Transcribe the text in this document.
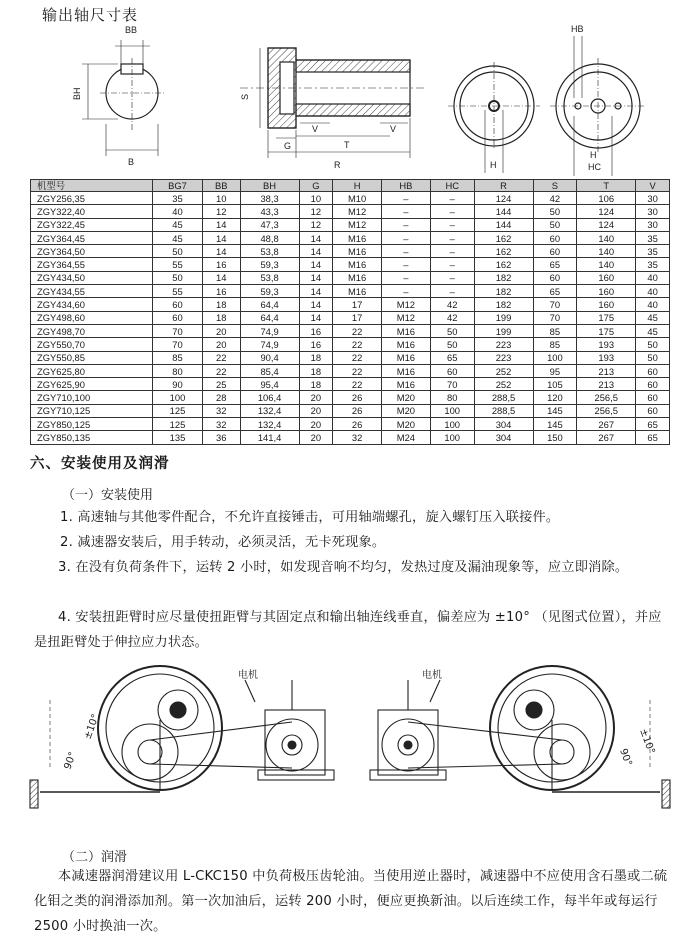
输出轴尺寸表
BB
BH
B
S
G
V	V
T
R
HB
H
H
HC
机型号	BG7	BB	BH	G	H	HB	HC	R	S	T	V
ZGY256,35	35	10	38,3	10	M10	–	–	124	42	106	30
ZGY322,40	40	12	43,3	12	M12	–	–	144	50	124	30
ZGY322,45	45	14	47,3	12	M12	–	–	144	50	124	30
ZGY364,45	45	14	48,8	14	M16	–	–	162	60	140	35
ZGY364,50	50	14	53,8	14	M16	–	–	162	60	140	35
ZGY364,55	55	16	59,3	14	M16	–	–	162	65	140	35
ZGY434,50	50	14	53,8	14	M16	–	–	182	60	160	40
ZGY434,55	55	16	59,3	14	M16	–	–	182	65	160	40
ZGY434,60	60	18	64,4	14	17	M12	42	182	70	160	40
ZGY498,60	60	18	64,4	14	17	M12	42	199	70	175	45
ZGY498,70	70	20	74,9	16	22	M16	50	199	85	175	45
ZGY550,70	70	20	74,9	16	22	M16	50	223	85	193	50
ZGY550,85	85	22	90,4	18	22	M16	65	223	100	193	50
ZGY625,80	80	22	85,4	18	22	M16	60	252	95	213	60
ZGY625,90	90	25	95,4	18	22	M16	70	252	105	213	60
ZGY710,100	100	28	106,4	20	26	M20	80	288,5	120	256,5	60
ZGY710,125	125	32	132,4	20	26	M20	100	288,5	145	256,5	60
ZGY850,125	125	32	132,4	20	26	M20	100	304	145	267	65
ZGY850,135	135	36	141,4	20	32	M24	100	304	150	267	65
六、安装使用及润滑
（一）安装使用
1. 高速轴与其他零件配合，不允许直接锤击，可用轴端螺孔，旋入螺钉压入联接件。
2. 减速器安装后，用手转动，必须灵活，无卡死现象。
3. 在没有负荷条件下，运转 2 小时，如发现音响不均匀，发热过度及漏油现象等，应立即消除。
4. 安装扭距臂时应尽量使扭距臂与其固定点和输出轴连线垂直，偏差应为 ±10° （见图式位置），并应是扭距臂处于伸拉应力状态。
电机	电机
90°
±10°
90°
±10°
（二）润滑
本减速器润滑建议用 L-CKC150 中负荷极压齿轮油。当使用逆止器时，减速器中不应使用含石墨或二硫化钼之类的润滑添加剂。第一次加油后，运转 200 小时，便应更换新油。以后连续工作，每半年或每运行 2500 小时换油一次。
